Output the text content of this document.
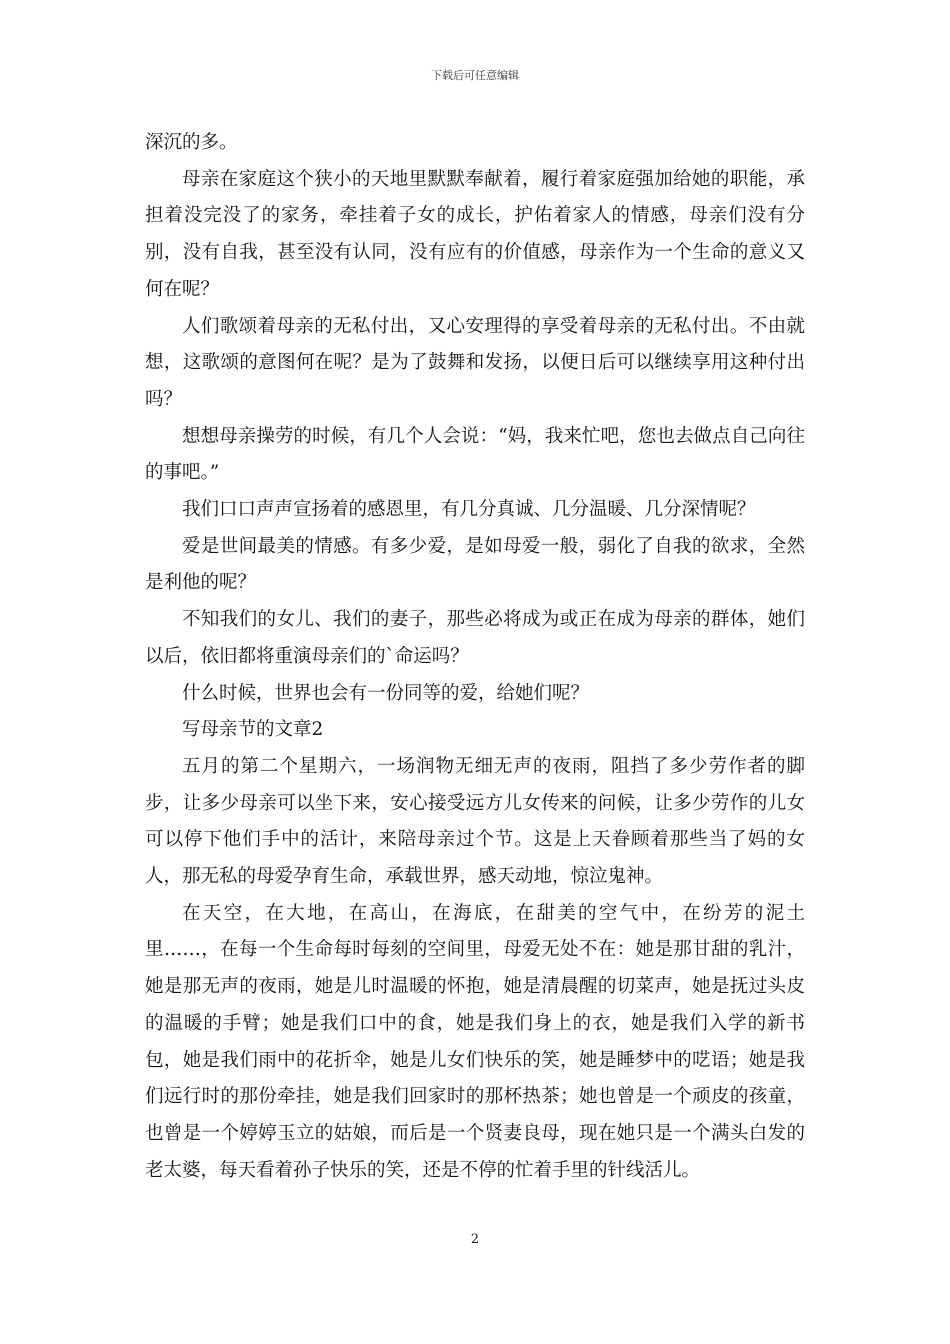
下载后可任意编辑

深沉的多。

母亲在家庭这个狭小的天地里默默奉献着，履行着家庭强加给她的职能，承担着没完没了的家务，牵挂着子女的成长，护佑着家人的情感，母亲们没有分别，没有自我，甚至没有认同，没有应有的价值感，母亲作为一个生命的意义又何在呢？

人们歌颂着母亲的无私付出，又心安理得的享受着母亲的无私付出。不由就想，这歌颂的意图何在呢？是为了鼓舞和发扬，以便日后可以继续享用这种付出吗？

想想母亲操劳的时候，有几个人会说：“妈，我来忙吧，您也去做点自己向往的事吧。”

我们口口声声宣扬着的感恩里，有几分真诚、几分温暖、几分深情呢？

爱是世间最美的情感。有多少爱，是如母爱一般，弱化了自我的欲求，全然是利他的呢？

不知我们的女儿、我们的妻子，那些必将成为或正在成为母亲的群体，她们以后，依旧都将重演母亲们的`命运吗？

什么时候，世界也会有一份同等的爱，给她们呢？

写母亲节的文章2

五月的第二个星期六，一场润物无细无声的夜雨，阻挡了多少劳作者的脚步，让多少母亲可以坐下来，安心接受远方儿女传来的问候，让多少劳作的儿女可以停下他们手中的活计，来陪母亲过个节。这是上天眷顾着那些当了妈的女人，那无私的母爱孕育生命，承载世界，感天动地，惊泣鬼神。

在天空，在大地，在高山，在海底，在甜美的空气中，在纷芳的泥土里……，在每一个生命每时每刻的空间里，母爱无处不在：她是那甘甜的乳汁，她是那无声的夜雨，她是儿时温暖的怀抱，她是清晨醒的切菜声，她是抚过头皮的温暖的手臂；她是我们口中的食，她是我们身上的衣，她是我们入学的新书包，她是我们雨中的花折伞，她是儿女们快乐的笑，她是睡梦中的呓语；她是我们远行时的那份牵挂，她是我们回家时的那杯热茶；她也曾是一个顽皮的孩童，也曾是一个婷婷玉立的姑娘，而后是一个贤妻良母，现在她只是一个满头白发的老太婆，每天看着孙子快乐的笑，还是不停的忙着手里的针线活儿。

2
